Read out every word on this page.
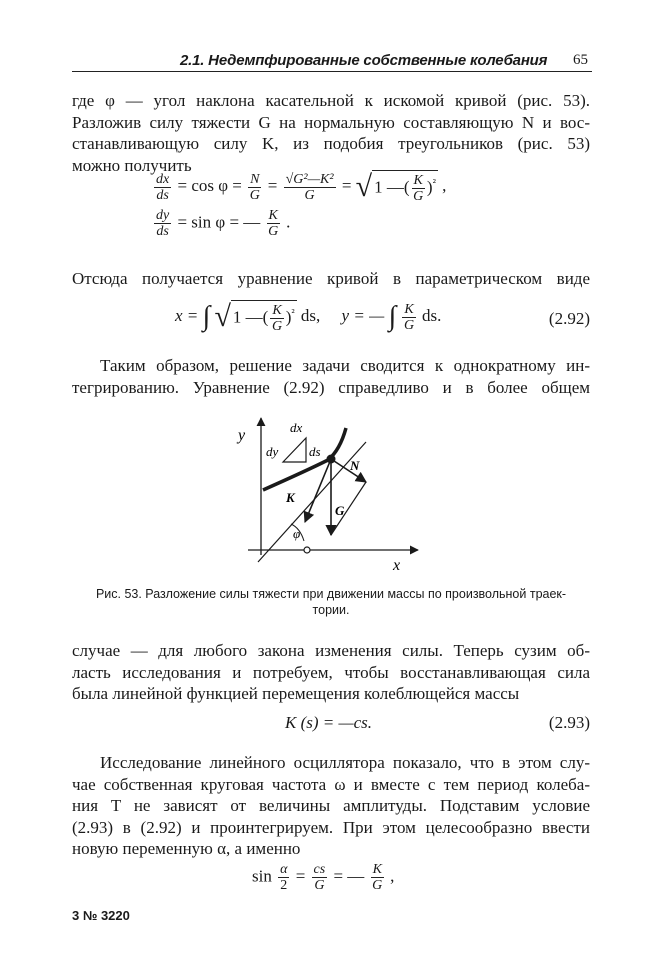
2.1. Недемпфированные собственные колебания 65
где φ — угол наклона касательной к искомой кривой (рис. 53).
Разложив силу тяжести G на нормальную составляющую N и вос-
станавливающую силу K, из подобия треугольников (рис. 53)
можно получить
$\frac{dx}{ds} = \cos \varphi = \frac{N}{G} = \frac{\text{√G²—K²}}{G}$ = √ 1 —( $\frac{K}{G} )^{^2}$ ,
$\frac{dy}{ds} = \sin \varphi$ = — $\frac{K}{G}$ .
Отсюда получается уравнение кривой в параметрическом виде
x = ∫ √ 1 —( $\frac{K}{G} )^{^2}$ ds, y = — ∫ $\frac{K}{G}$ ds.	(2.92)
Таким образом, решение задачи сводится к однократному ин-
тегрированию. Уравнение (2.92) справедливо и в более общем
y
x
dx
dy ds
N
K
G
φ
Рис. 53. Разложение силы тяжести при движении массы по произвольной траек-
тории.
случае — для любого закона изменения силы. Теперь сузим об-
ласть исследования и потребуем, чтобы восстанавливающая сила
была линейной функцией перемещения колеблющейся массы
K (s) = —cs.	(2.93)
Исследование линейного осциллятора показало, что в этом слу-
чае собственная круговая частота ω и вместе с тем период колеба-
ния T не зависят от величины амплитуды. Подставим условие
(2.93) в (2.92) и проинтегрируем. При этом целесообразно ввести
новую переменную α, а именно
$\sin \frac{\alpha}{2} = \frac{cs}{G}$ = — $\frac{K}{G}$ ,
3 № 3220
